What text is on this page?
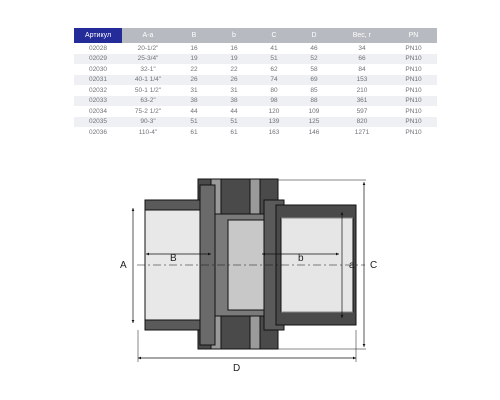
Артикул	A-a	B	b	C	D	Вес, г	PN
02028	20-1/2"	16	16	41	46	34	PN10
02029	25-3/4"	19	19	51	52	66	PN10
02030	32-1"	22	22	62	58	84	PN10
02031	40-1 1/4"	26	26	74	69	153	PN10
02032	50-1 1/2"	31	31	80	85	210	PN10
02033	63-2"	38	38	98	88	361	PN10
02034	75-2 1/2"	44	44	120	109	597	PN10
02035	90-3"	51	51	139	125	820	PN10
02036	110-4"	61	61	163	146	1271	PN10
A
B	b
a C
D
